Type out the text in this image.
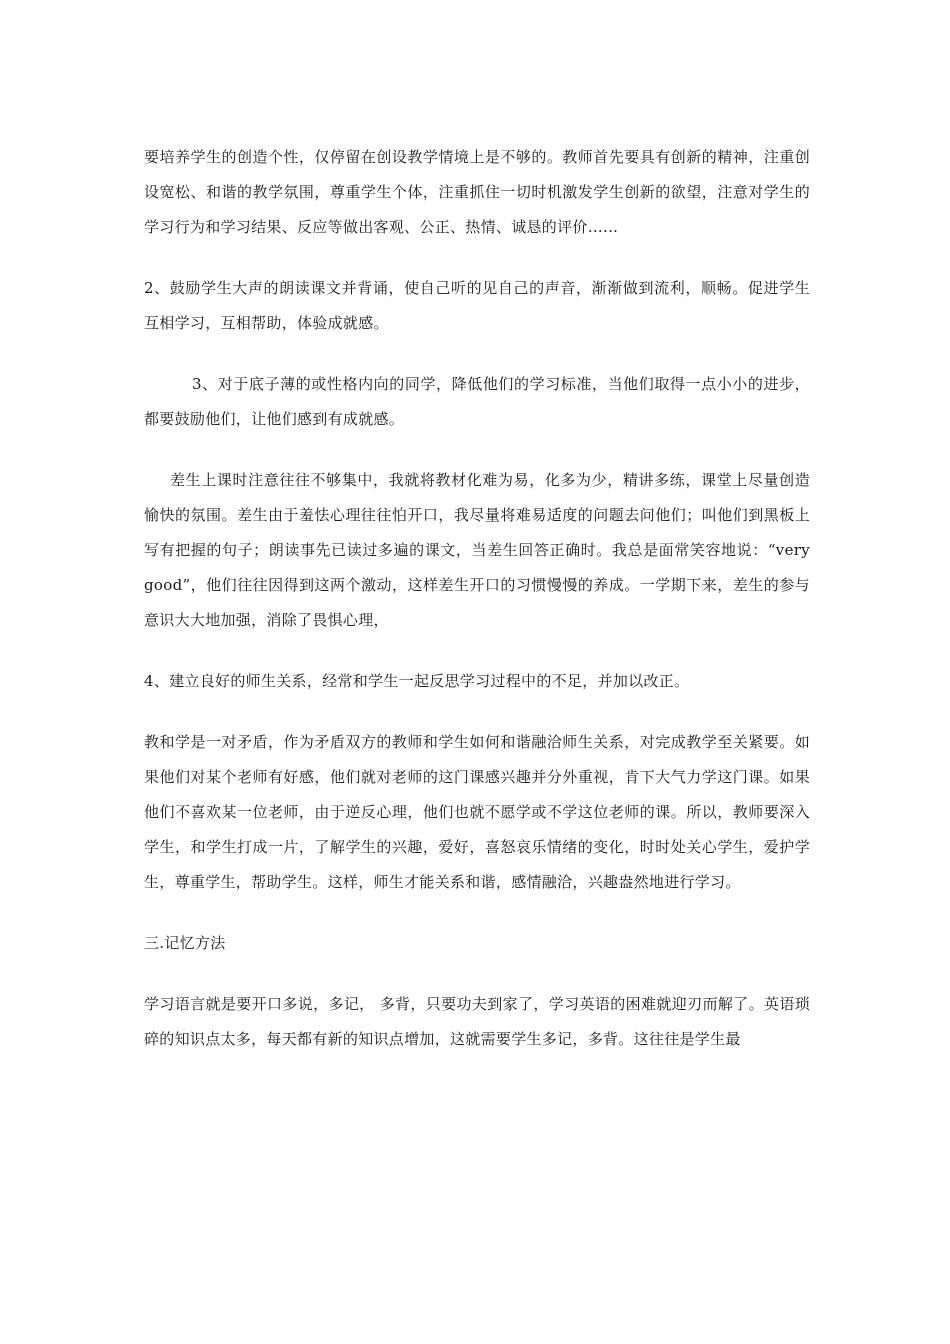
要培养学生的创造个性，仅停留在创设教学情境上是不够的。教师首先要具有创新的精神，注重创设宽松、和谐的教学氛围，尊重学生个体，注重抓住一切时机激发学生创新的欲望，注意对学生的学习行为和学习结果、反应等做出客观、公正、热情、诚恳的评价……

2、鼓励学生大声的朗读课文并背诵，使自己听的见自己的声音，渐渐做到流利，顺畅。促进学生互相学习，互相帮助，体验成就感。

3、对于底子薄的或性格内向的同学，降低他们的学习标准，当他们取得一点小小的进步，都要鼓励他们，让他们感到有成就感。

差生上课时注意往往不够集中，我就将教材化难为易，化多为少，精讲多练，课堂上尽量创造愉快的氛围。差生由于羞怯心理往往怕开口，我尽量将难易适度的问题去问他们；叫他们到黑板上写有把握的句子；朗读事先已读过多遍的课文，当差生回答正确时。我总是面常笑容地说：“very good”，他们往往因得到这两个激动，这样差生开口的习惯慢慢的养成。一学期下来，差生的参与意识大大地加强，消除了畏惧心理，

4、建立良好的师生关系，经常和学生一起反思学习过程中的不足，并加以改正。

教和学是一对矛盾，作为矛盾双方的教师和学生如何和谐融洽师生关系，对完成教学至关紧要。如果他们对某个老师有好感，他们就对老师的这门课感兴趣并分外重视，肯下大气力学这门课。如果他们不喜欢某一位老师，由于逆反心理，他们也就不愿学或不学这位老师的课。所以，教师要深入学生，和学生打成一片，了解学生的兴趣，爱好，喜怒哀乐情绪的变化，时时处关心学生，爱护学生，尊重学生，帮助学生。这样，师生才能关系和谐，感情融洽，兴趣盎然地进行学习。

三.记忆方法

学习语言就是要开口多说，多记， 多背，只要功夫到家了，学习英语的困难就迎刃而解了。英语琐碎的知识点太多，每天都有新的知识点增加，这就需要学生多记，多背。这往往是学生最
